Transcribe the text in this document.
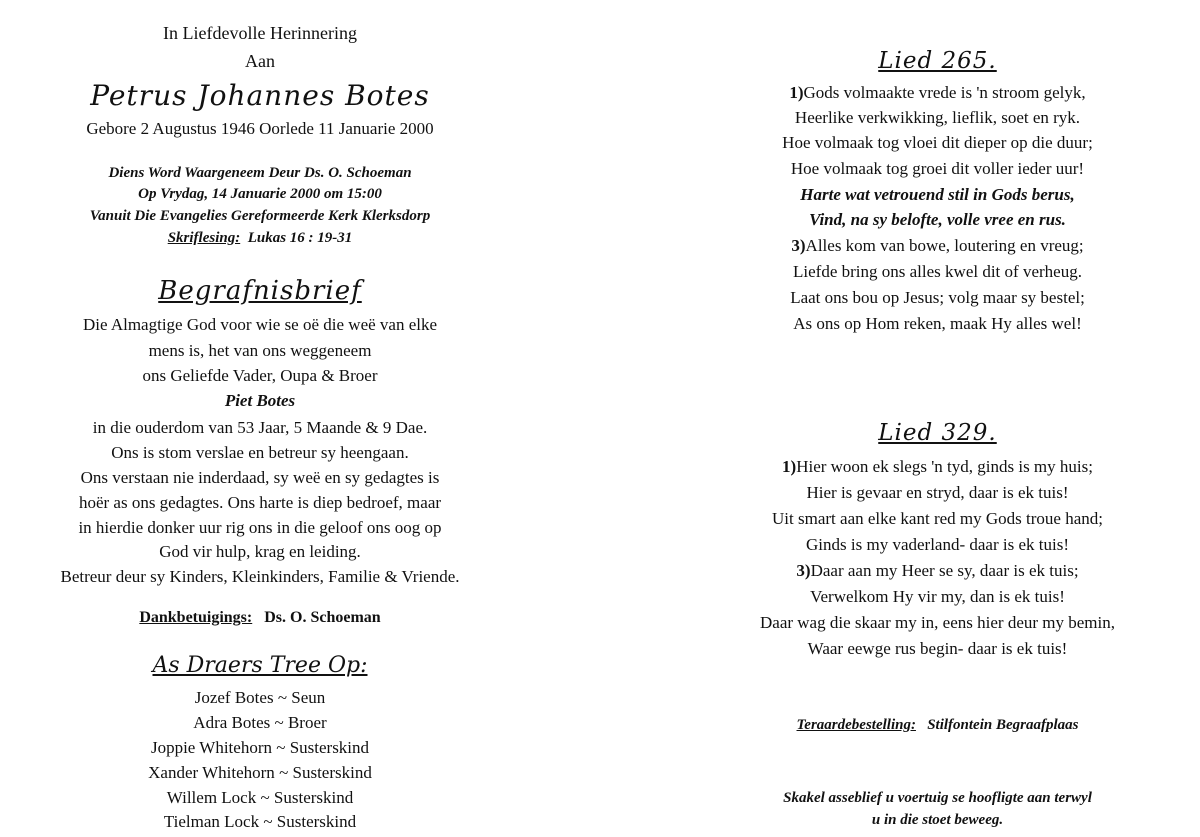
In Liefdevolle Herinnering
Aan
Petrus Johannes Botes
Gebore 2 Augustus 1946 Oorlede 11 Januarie 2000
Diens Word Waargeneem Deur Ds. O. Schoeman
Op Vrydag, 14 Januarie 2000 om 15:00
Vanuit Die Evangelies Gereformeerde Kerk Klerksdorp
Skriflesing: Lukas 16 : 19-31
Begrafnisbrief
Die Almagtige God voor wie se oë die weë van elke
mens is, het van ons weggeneem
ons Geliefde Vader, Oupa & Broer
Piet Botes
in die ouderdom van 53 Jaar, 5 Maande & 9 Dae.
Ons is stom verslae en betreur sy heengaan.
Ons verstaan nie inderdaad, sy weë en sy gedagtes is
hoër as ons gedagtes. Ons harte is diep bedroef, maar
in hierdie donker uur rig ons in die geloof ons oog op
God vir hulp, krag en leiding.
Betreur deur sy Kinders, Kleinkinders, Familie & Vriende.
Dankbetuigings: Ds. O. Schoeman
As Draers Tree Op:
Jozef Botes ~ Seun
Adra Botes ~ Broer
Joppie Whitehorn ~ Susterskind
Xander Whitehorn ~ Susterskind
Willem Lock ~ Susterskind
Tielman Lock ~ Susterskind
Lied 265.
1)Gods volmaakte vrede is 'n stroom gelyk,
Heerlike verkwikking, lieflik, soet en ryk.
Hoe volmaak tog vloei dit dieper op die duur;
Hoe volmaak tog groei dit voller ieder uur!
Harte wat vetrouend stil in Gods berus,
Vind, na sy belofte, volle vree en rus.
3)Alles kom van bowe, loutering en vreug;
Liefde bring ons alles kwel dit of verheug.
Laat ons bou op Jesus; volg maar sy bestel;
As ons op Hom reken, maak Hy alles wel!
Lied 329.
1)Hier woon ek slegs 'n tyd, ginds is my huis;
Hier is gevaar en stryd, daar is ek tuis!
Uit smart aan elke kant red my Gods troue hand;
Ginds is my vaderland- daar is ek tuis!
3)Daar aan my Heer se sy, daar is ek tuis;
Verwelkom Hy vir my, dan is ek tuis!
Daar wag die skaar my in, eens hier deur my bemin,
Waar eewge rus begin- daar is ek tuis!
Teraardebestelling: Stilfontein Begraafplaas
Skakel asseblief u voertuig se hoofligte aan terwyl
u in die stoet beweeg.
